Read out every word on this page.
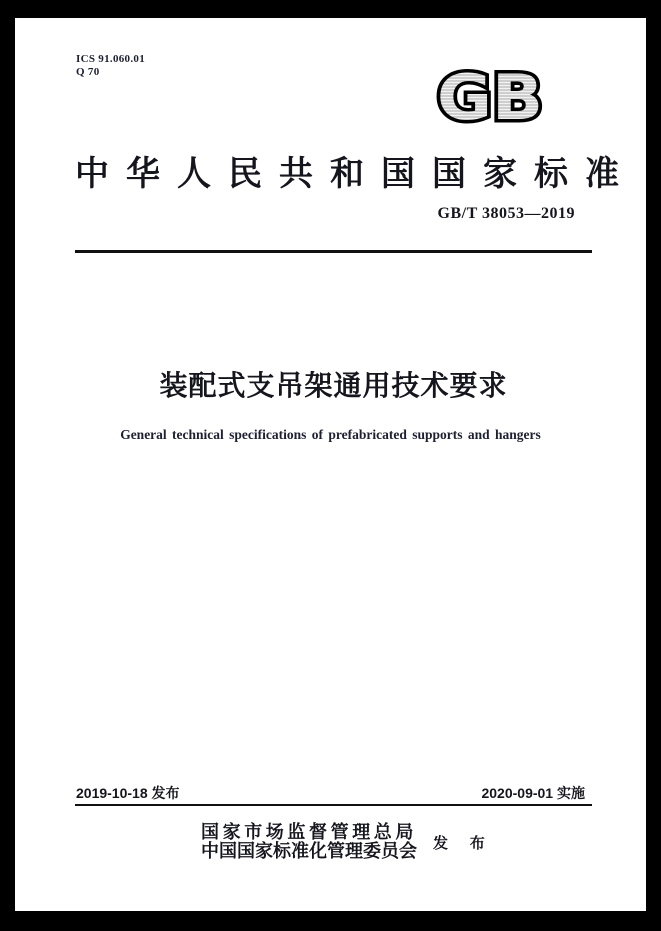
ICS 91.060.01
Q 70	GB
中华人民共和国国家标准
GB/T 38053—2019
装配式支吊架通用技术要求
General technical specifications of prefabricated supports and hangers
2019-10-18 发布	2020-09-01 实施
国家市场监督管理总局
中国国家标准化管理委员会 发 布
